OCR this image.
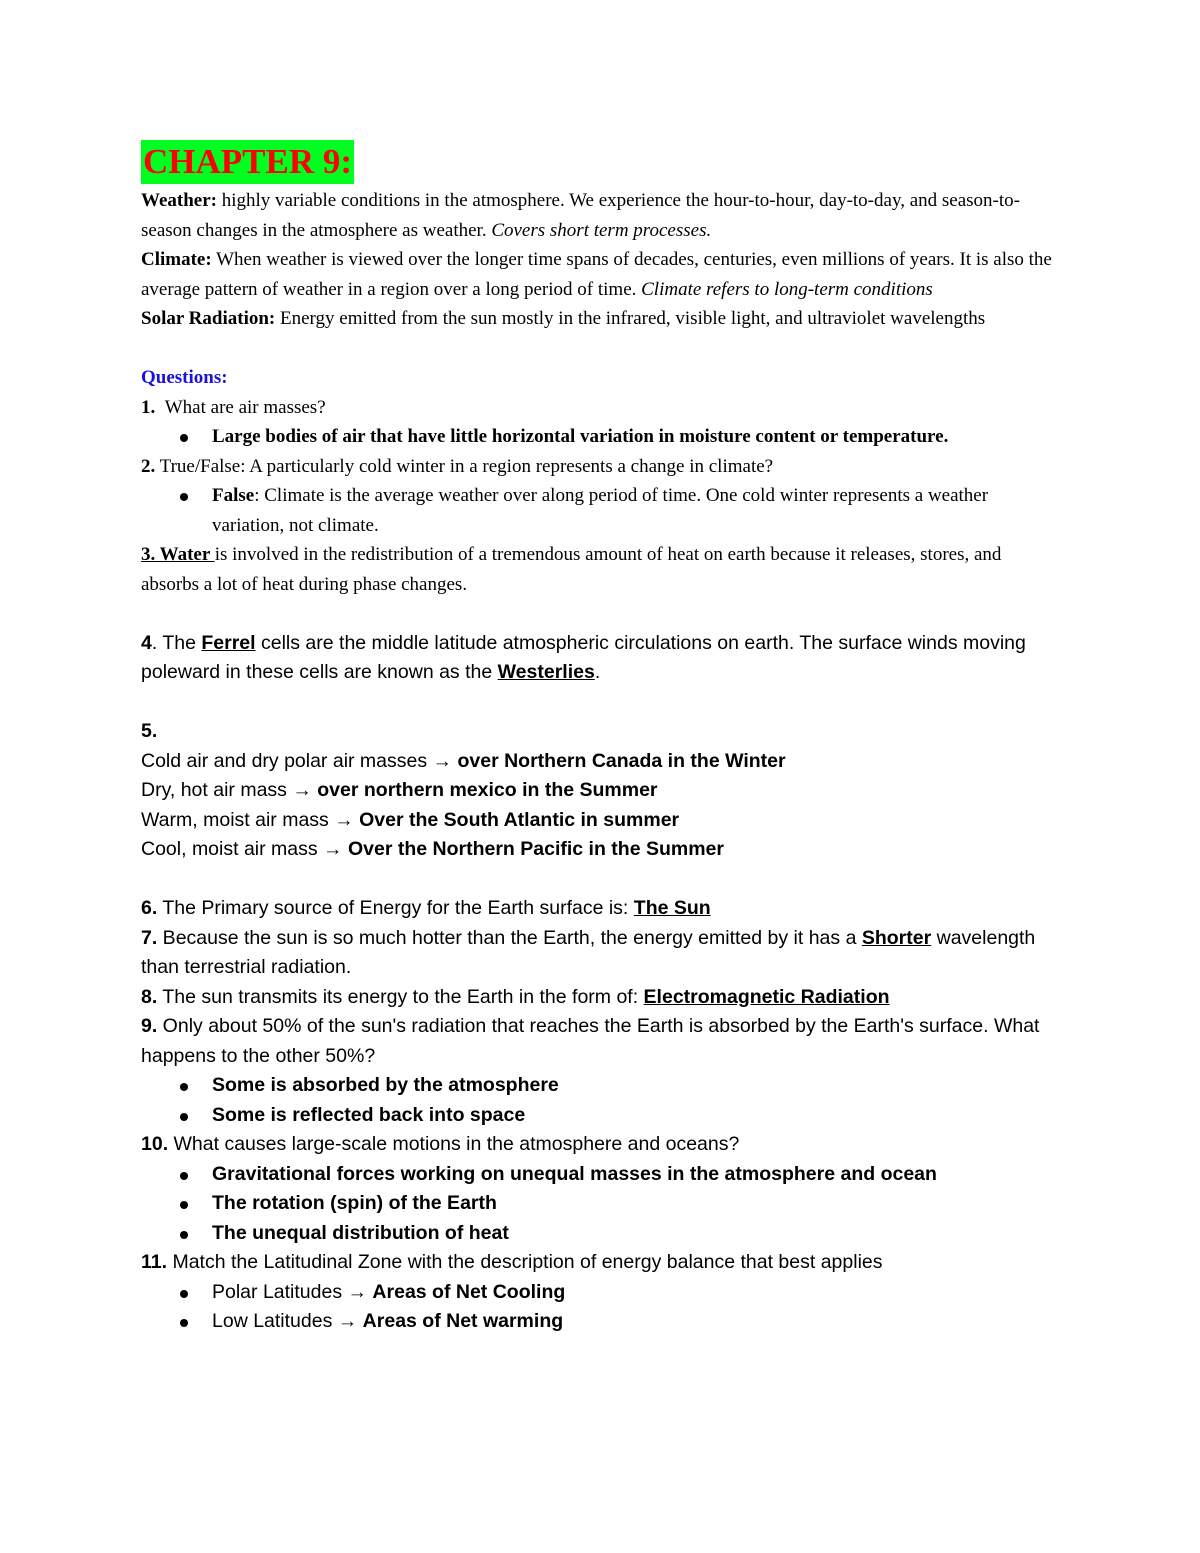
CHAPTER 9:
Weather: highly variable conditions in the atmosphere. We experience the hour-to-hour, day-to-day, and season-to-season changes in the atmosphere as weather. Covers short term processes.
Climate: When weather is viewed over the longer time spans of decades, centuries, even millions of years. It is also the average pattern of weather in a region over a long period of time. Climate refers to long-term conditions
Solar Radiation: Energy emitted from the sun mostly in the infrared, visible light, and ultraviolet wavelengths
Questions:
1. What are air masses?
Large bodies of air that have little horizontal variation in moisture content or temperature.
2. True/False: A particularly cold winter in a region represents a change in climate?
False: Climate is the average weather over along period of time. One cold winter represents a weather variation, not climate.
3. Water is involved in the redistribution of a tremendous amount of heat on earth because it releases, stores, and absorbs a lot of heat during phase changes.
4. The Ferrel cells are the middle latitude atmospheric circulations on earth. The surface winds moving poleward in these cells are known as the Westerlies.
5.
Cold air and dry polar air masses → over Northern Canada in the Winter
Dry, hot air mass → over northern mexico in the Summer
Warm, moist air mass → Over the South Atlantic in summer
Cool, moist air mass → Over the Northern Pacific in the Summer
6. The Primary source of Energy for the Earth surface is: The Sun
7. Because the sun is so much hotter than the Earth, the energy emitted by it has a Shorter wavelength than terrestrial radiation.
8. The sun transmits its energy to the Earth in the form of: Electromagnetic Radiation
9. Only about 50% of the sun's radiation that reaches the Earth is absorbed by the Earth's surface. What happens to the other 50%?
Some is absorbed by the atmosphere
Some is reflected back into space
10. What causes large-scale motions in the atmosphere and oceans?
Gravitational forces working on unequal masses in the atmosphere and ocean
The rotation (spin) of the Earth
The unequal distribution of heat
11. Match the Latitudinal Zone with the description of energy balance that best applies
Polar Latitudes → Areas of Net Cooling
Low Latitudes → Areas of Net warming
